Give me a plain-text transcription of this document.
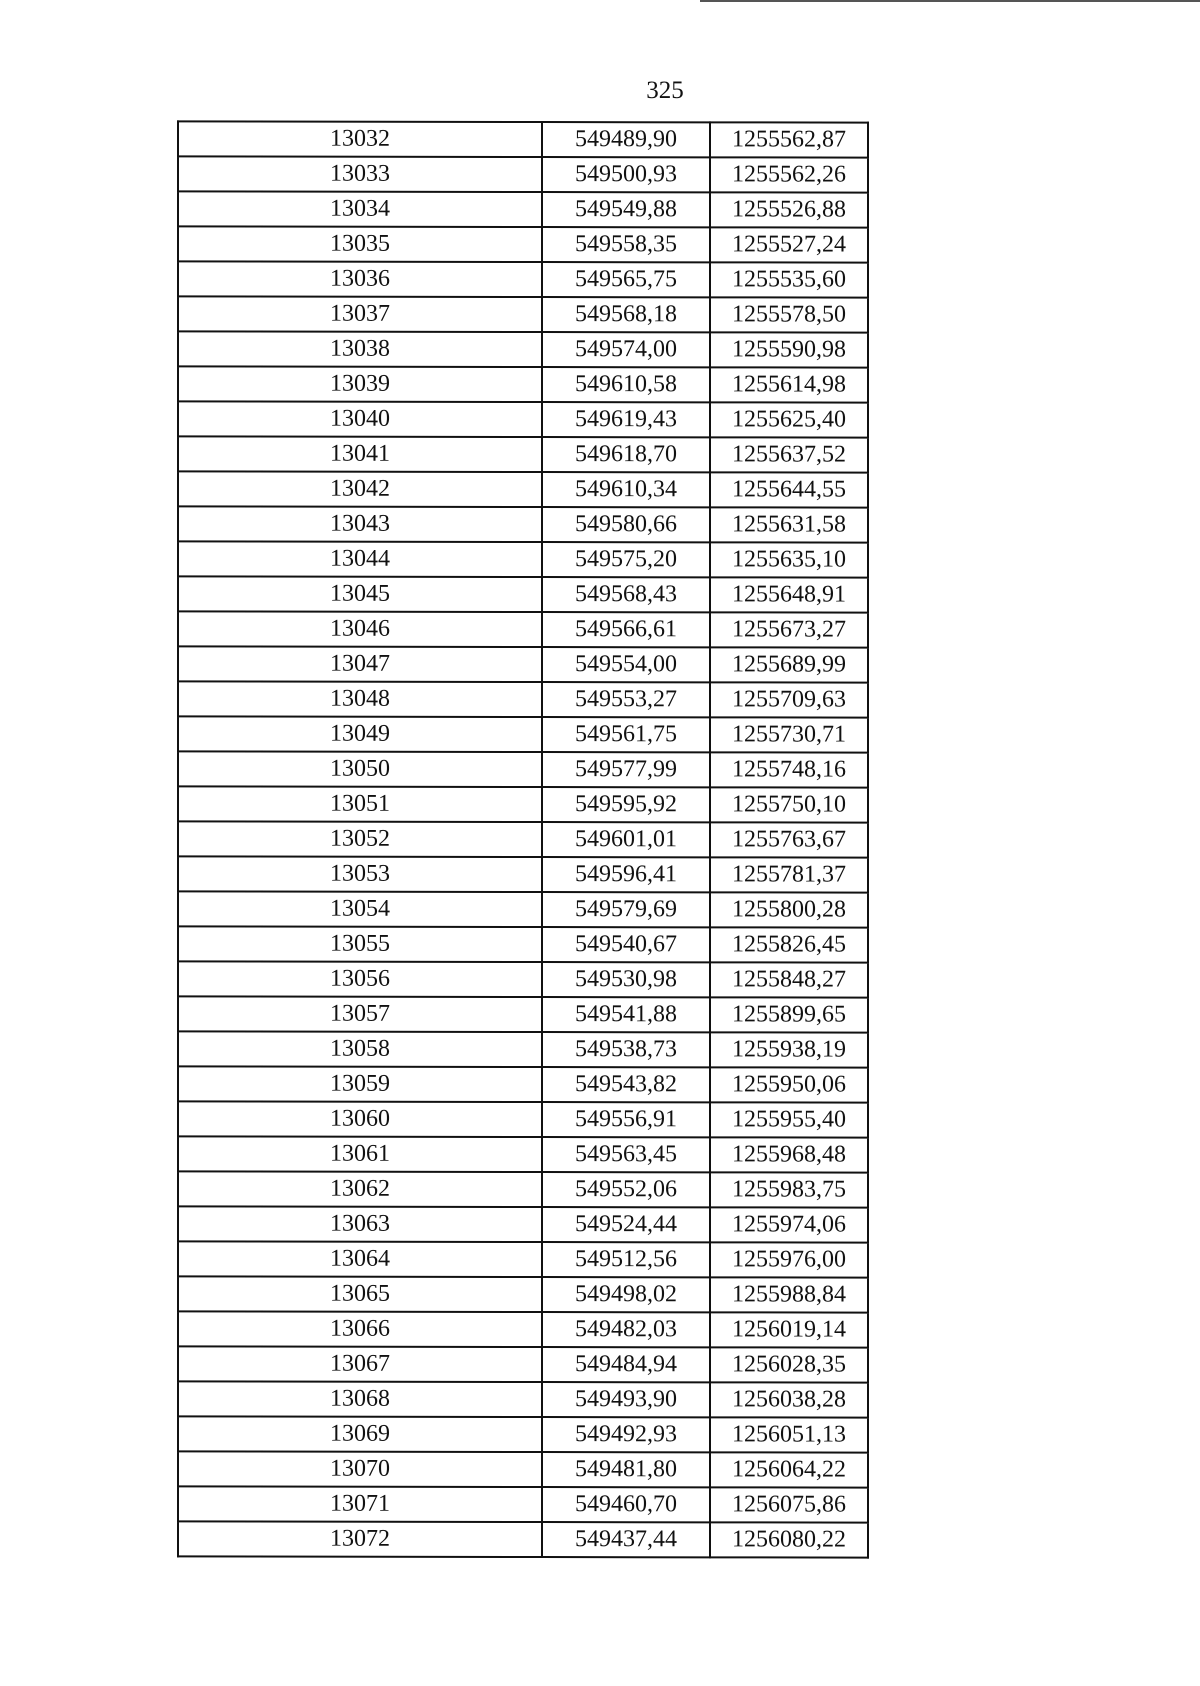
325
13032	549489,90	1255562,87
13033	549500,93	1255562,26
13034	549549,88	1255526,88
13035	549558,35	1255527,24
13036	549565,75	1255535,60
13037	549568,18	1255578,50
13038	549574,00	1255590,98
13039	549610,58	1255614,98
13040	549619,43	1255625,40
13041	549618,70	1255637,52
13042	549610,34	1255644,55
13043	549580,66	1255631,58
13044	549575,20	1255635,10
13045	549568,43	1255648,91
13046	549566,61	1255673,27
13047	549554,00	1255689,99
13048	549553,27	1255709,63
13049	549561,75	1255730,71
13050	549577,99	1255748,16
13051	549595,92	1255750,10
13052	549601,01	1255763,67
13053	549596,41	1255781,37
13054	549579,69	1255800,28
13055	549540,67	1255826,45
13056	549530,98	1255848,27
13057	549541,88	1255899,65
13058	549538,73	1255938,19
13059	549543,82	1255950,06
13060	549556,91	1255955,40
13061	549563,45	1255968,48
13062	549552,06	1255983,75
13063	549524,44	1255974,06
13064	549512,56	1255976,00
13065	549498,02	1255988,84
13066	549482,03	1256019,14
13067	549484,94	1256028,35
13068	549493,90	1256038,28
13069	549492,93	1256051,13
13070	549481,80	1256064,22
13071	549460,70	1256075,86
13072	549437,44	1256080,22
